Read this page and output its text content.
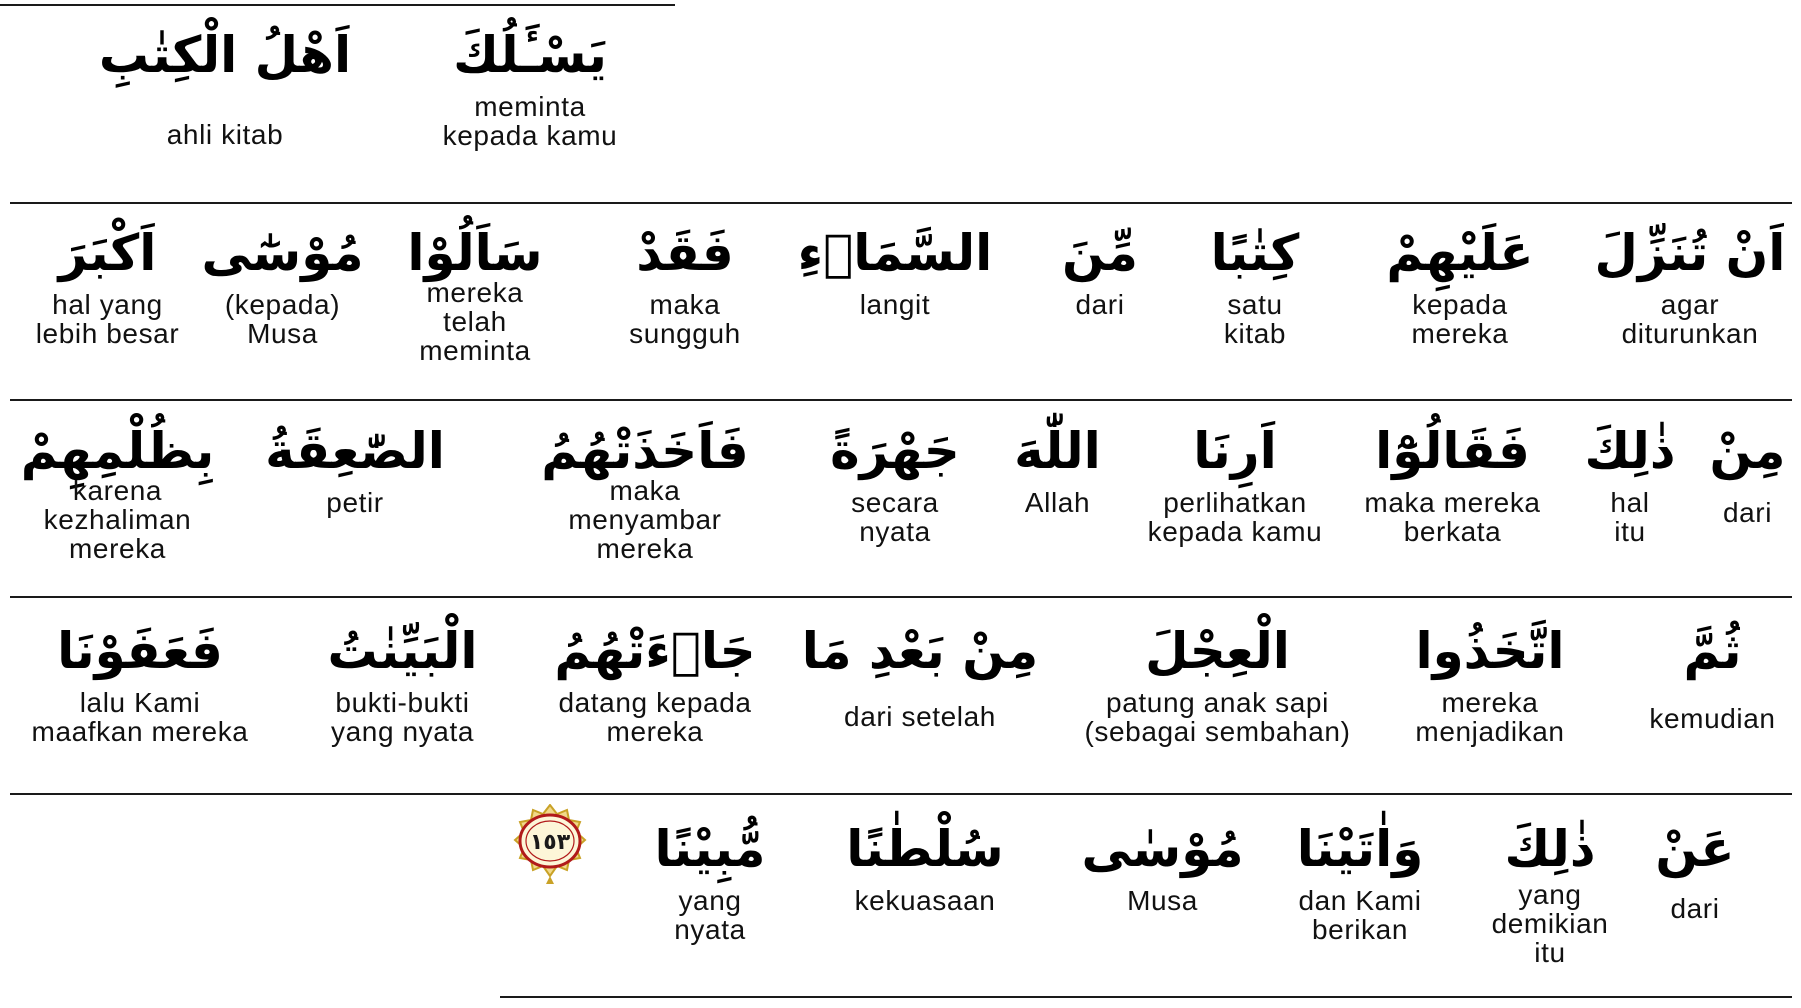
يَسْـَٔلُكَ
meminta
kepada kamu
اَهْلُ الْكِتٰبِ
ahli kitab
اَنْ تُنَزِّلَ
agar
diturunkan
عَلَيْهِمْ
kepada
mereka
كِتٰبًا
satu
kitab
مِّنَ
dari
السَّمَاۤءِ
langit
فَقَدْ
maka
sungguh
سَاَلُوْا
mereka
telah
meminta
مُوْسٰٓى
(kepada)
Musa
اَكْبَرَ
hal yang
lebih besar
مِنْ
dari
ذٰلِكَ
hal
itu
فَقَالُوْٓا
maka mereka
berkata
اَرِنَا
perlihatkan
kepada kamu
اللّٰهَ
Allah
جَهْرَةً
secara
nyata
فَاَخَذَتْهُمُ
maka
menyambar
mereka
الصّٰعِقَةُ
petir
بِظُلْمِهِمْ
karena
kezhaliman
mereka
ثُمَّ
kemudian
اتَّخَذُوا
mereka
menjadikan
الْعِجْلَ
patung anak sapi
(sebagai sembahan)
مِنْ بَعْدِ مَا
dari setelah
جَاۤءَتْهُمُ
datang kepada
mereka
الْبَيِّنٰتُ
bukti-bukti
yang nyata
فَعَفَوْنَا
lalu Kami
maafkan mereka
عَنْ
dari
ذٰلِكَ
yang
demikian
itu
وَاٰتَيْنَا
dan Kami
berikan
مُوْسٰى
Musa
سُلْطٰنًا
kekuasaan
مُّبِيْنًا
yang
nyata
١٥٣
